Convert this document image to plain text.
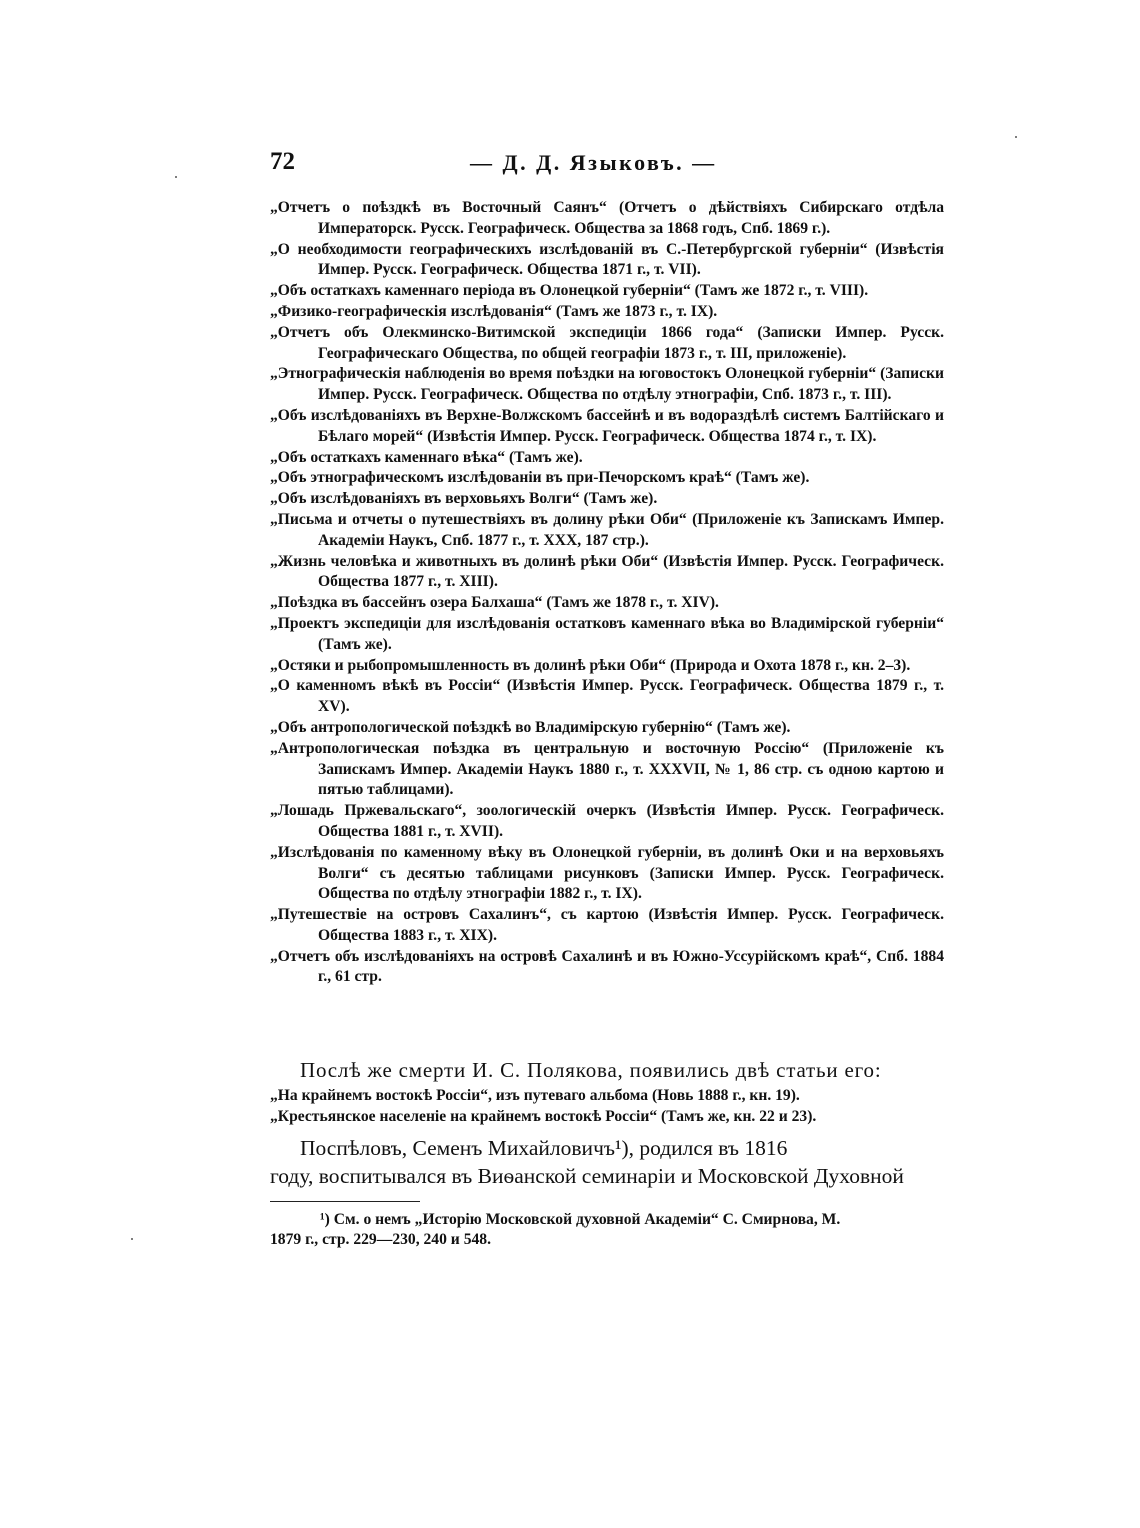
72	— Д. Д. Языковъ. —
„Отчетъ о поѣздкѣ въ Восточный Саянъ“ (Отчетъ о дѣйствіяхъ Сибирскаго отдѣла Императорск. Русск. Географическ. Общества за 1868 годъ, Спб. 1869 г.).
„О необходимости географическихъ изслѣдованій въ С.-Петербургской губерніи“ (Извѣстія Импер. Русск. Географическ. Общества 1871 г., т. VII).
„Объ остаткахъ каменнаго періода въ Олонецкой губерніи“ (Тамъ же 1872 г., т. VIII).
„Физико-географическія изслѣдованія“ (Тамъ же 1873 г., т. IX).
„Отчетъ объ Олекминско-Витимской экспедиціи 1866 года“ (Записки Импер. Русск. Географическаго Общества, по общей географіи 1873 г., т. III, приложеніе).
„Этнографическія наблюденія во время поѣздки на юговостокъ Олонецкой губерніи“ (Записки Импер. Русск. Географическ. Общества по отдѣлу этнографіи, Спб. 1873 г., т. III).
„Объ изслѣдованіяхъ въ Верхне-Волжскомъ бассейнѣ и въ водораздѣлѣ системъ Балтійскаго и Бѣлаго морей“ (Извѣстія Импер. Русск. Географическ. Общества 1874 г., т. IX).
„Объ остаткахъ каменнаго вѣка“ (Тамъ же).
„Объ этнографическомъ изслѣдованіи въ при-Печорскомъ краѣ“ (Тамъ же).
„Объ изслѣдованіяхъ въ верховьяхъ Волги“ (Тамъ же).
„Письма и отчеты о путешествіяхъ въ долину рѣки Оби“ (Приложеніе къ Запискамъ Импер. Академіи Наукъ, Спб. 1877 г., т. XXX, 187 стр.).
„Жизнь человѣка и животныхъ въ долинѣ рѣки Оби“ (Извѣстія Импер. Русск. Географическ. Общества 1877 г., т. XIII).
„Поѣздка въ бассейнъ озера Балхаша“ (Тамъ же 1878 г., т. XIV).
„Проектъ экспедиціи для изслѣдованія остатковъ каменнаго вѣка во Владимірской губерніи“ (Тамъ же).
„Остяки и рыбопромышленность въ долинѣ рѣки Оби“ (Природа и Охота 1878 г., кн. 2–3).
„О каменномъ вѣкѣ въ Россіи“ (Извѣстія Импер. Русск. Географическ. Общества 1879 г., т. XV).
„Объ антропологической поѣздкѣ во Владимірскую губернію“ (Тамъ же).
„Антропологическая поѣздка въ центральную и восточную Россію“ (Приложеніе къ Запискамъ Импер. Академіи Наукъ 1880 г., т. XXXVII, № 1, 86 стр. съ одною картою и пятью таблицами).
„Лошадь Пржевальскаго“, зоологическій очеркъ (Извѣстія Импер. Русск. Географическ. Общества 1881 г., т. XVII).
„Изслѣдованія по каменному вѣку въ Олонецкой губерніи, въ долинѣ Оки и на верховьяхъ Волги“ съ десятью таблицами рисунковъ (Записки Импер. Русск. Географическ. Общества по отдѣлу этнографіи 1882 г., т. IX).
„Путешествіе на островъ Сахалинъ“, съ картою (Извѣстія Импер. Русск. Географическ. Общества 1883 г., т. XIX).
„Отчетъ объ изслѣдованіяхъ на островѣ Сахалинѣ и въ Южно-Уссурійскомъ краѣ“, Спб. 1884 г., 61 стр.
Послѣ же смерти И. С. Полякова, появились двѣ статьи его:
„На крайнемъ востокѣ Россіи“, изъ путеваго альбома (Новь 1888 г., кн. 19).
„Крестьянское населеніе на крайнемъ востокѣ Россіи“ (Тамъ же, кн. 22 и 23).
Поспѣловъ, Семенъ Михайловичъ¹), родился въ 1816
году, воспитывался въ Виѳанской семинаріи и Московской Духовной
¹) См. о немъ „Исторію Московской духовной Академіи“ С. Смирнова, М.
1879 г., стр. 229—230, 240 и 548.
